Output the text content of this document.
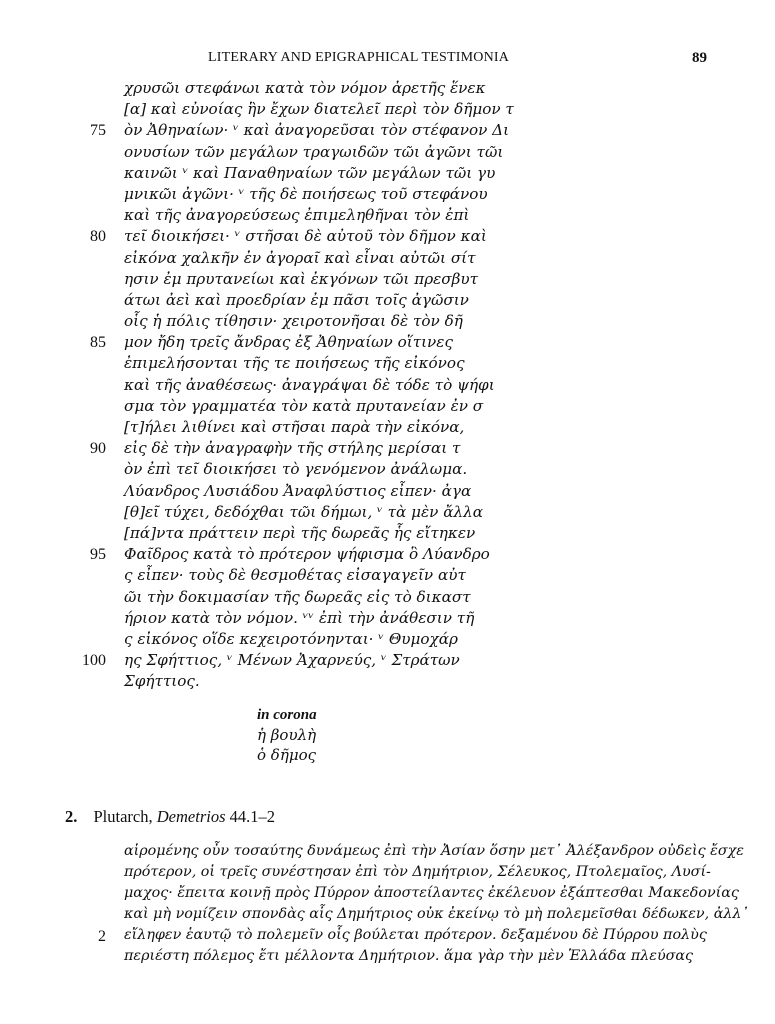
LITERARY AND EPIGRAPHICAL TESTIMONIA	89
χρυσῶι στεφάνωι κατὰ τὸν νόμον ἀρετῆς ἕνεκ
[α] καὶ εὐνοίας ἣν ἔχων διατελεῖ περὶ τὸν δῆμον τ
75 ὸν Ἀθηναίων· ᵛ καὶ ἀναγορεῦσαι τὸν στέφανον Δι
ονυσίων τῶν μεγάλων τραγωιδῶν τῶι ἀγῶνι τῶι
καινῶι ᵛ καὶ Παναθηναίων τῶν μεγάλων τῶι γυ
μνικῶι ἀγῶνι· ᵛ τῆς δὲ ποιήσεως τοῦ στεφάνου
καὶ τῆς ἀναγορεύσεως ἐπιμεληθῆναι τὸν ἐπὶ
80 τεῖ διοικήσει· ᵛ στῆσαι δὲ αὐτοῦ τὸν δῆμον καὶ
εἰκόνα χαλκῆν ἐν ἀγοραῖ καὶ εἶναι αὐτῶι σίτ
ησιν ἐμ πρυτανείωι καὶ ἐκγόνων τῶι πρεσβυτ
άτωι ἀεὶ καὶ προεδρίαν ἐμ πᾶσι τοῖς ἀγῶσιν
οἷς ἡ πόλις τίθησιν· χειροτονῆσαι δὲ τὸν δῆ
85 μον ἤδη τρεῖς ἄνδρας ἐξ Ἀθηναίων οἵτινες
ἐπιμελήσονται τῆς τε ποιήσεως τῆς εἰκόνος
καὶ τῆς ἀναθέσεως· ἀναγράψαι δὲ τόδε τὸ ψήφι
σμα τὸν γραμματέα τὸν κατὰ πρυτανείαν ἐν σ
[τ]ήλει λιθίνει καὶ στῆσαι παρὰ τὴν εἰκόνα,
90 εἰς δὲ τὴν ἀναγραφὴν τῆς στήλης μερίσαι τ
ὸν ἐπὶ τεῖ διοικήσει τὸ γενόμενον ἀνάλωμα.
Λύανδρος Λυσιάδου Ἀναφλύστιος εἶπεν· ἀγα
[θ]εῖ τύχει, δεδόχθαι τῶι δήμωι, ᵛ τὰ μὲν ἄλλα
[πά]ντα πράττειν περὶ τῆς δωρεᾶς ἧς εἴτηκεν
95 Φαῖδρος κατὰ τὸ πρότερον ψήφισμα ὃ Λύανδρο
ς εἶπεν· τοὺς δὲ θεσμοθέτας εἰσαγαγεῖν αὐτ
ῶι τὴν δοκιμασίαν τῆς δωρεᾶς εἰς τὸ δικαστ
ήριον κατὰ τὸν νόμον. ᵛᵛ ἐπὶ τὴν ἀνάθεσιν τῆ
ς εἰκόνος οἵδε κεχειροτόνηνται· ᵛ Θυμοχάρ
100 ης Σφήττιος, ᵛ Μένων Ἀχαρνεύς, ᵛ Στράτων
Σφήττιος.
in corona
ἡ βουλὴ
ὁ δῆμος
2. Plutarch, Demetrios 44.1–2
αἱρομένης οὖν τοσαύτης δυνάμεως ἐπὶ τὴν Ἀσίαν ὅσην μετ᾽ Ἀλέξανδρον οὐδεὶς ἔσχε
πρότερον, οἱ τρεῖς συνέστησαν ἐπὶ τὸν Δημήτριον, Σέλευκος, Πτολεμαῖος, Λυσί-
μαχος· ἔπειτα κοινῇ πρὸς Πύρρον ἀποστείλαντες ἐκέλευον ἐξάπτεσθαι Μακεδονίας
καὶ μὴ νομίζειν σπονδὰς αἷς Δημήτριος οὐκ ἐκείνῳ τὸ μὴ πολεμεῖσθαι δέδωκεν, ἀλλ᾽
2 εἴληφεν ἑαυτῷ τὸ πολεμεῖν οἷς βούλεται πρότερον. δεξαμένου δὲ Πύρρου πολὺς
περιέστη πόλεμος ἔτι μέλλοντα Δημήτριον. ἅμα γὰρ τὴν μὲν Ἑλλάδα πλεύσας
